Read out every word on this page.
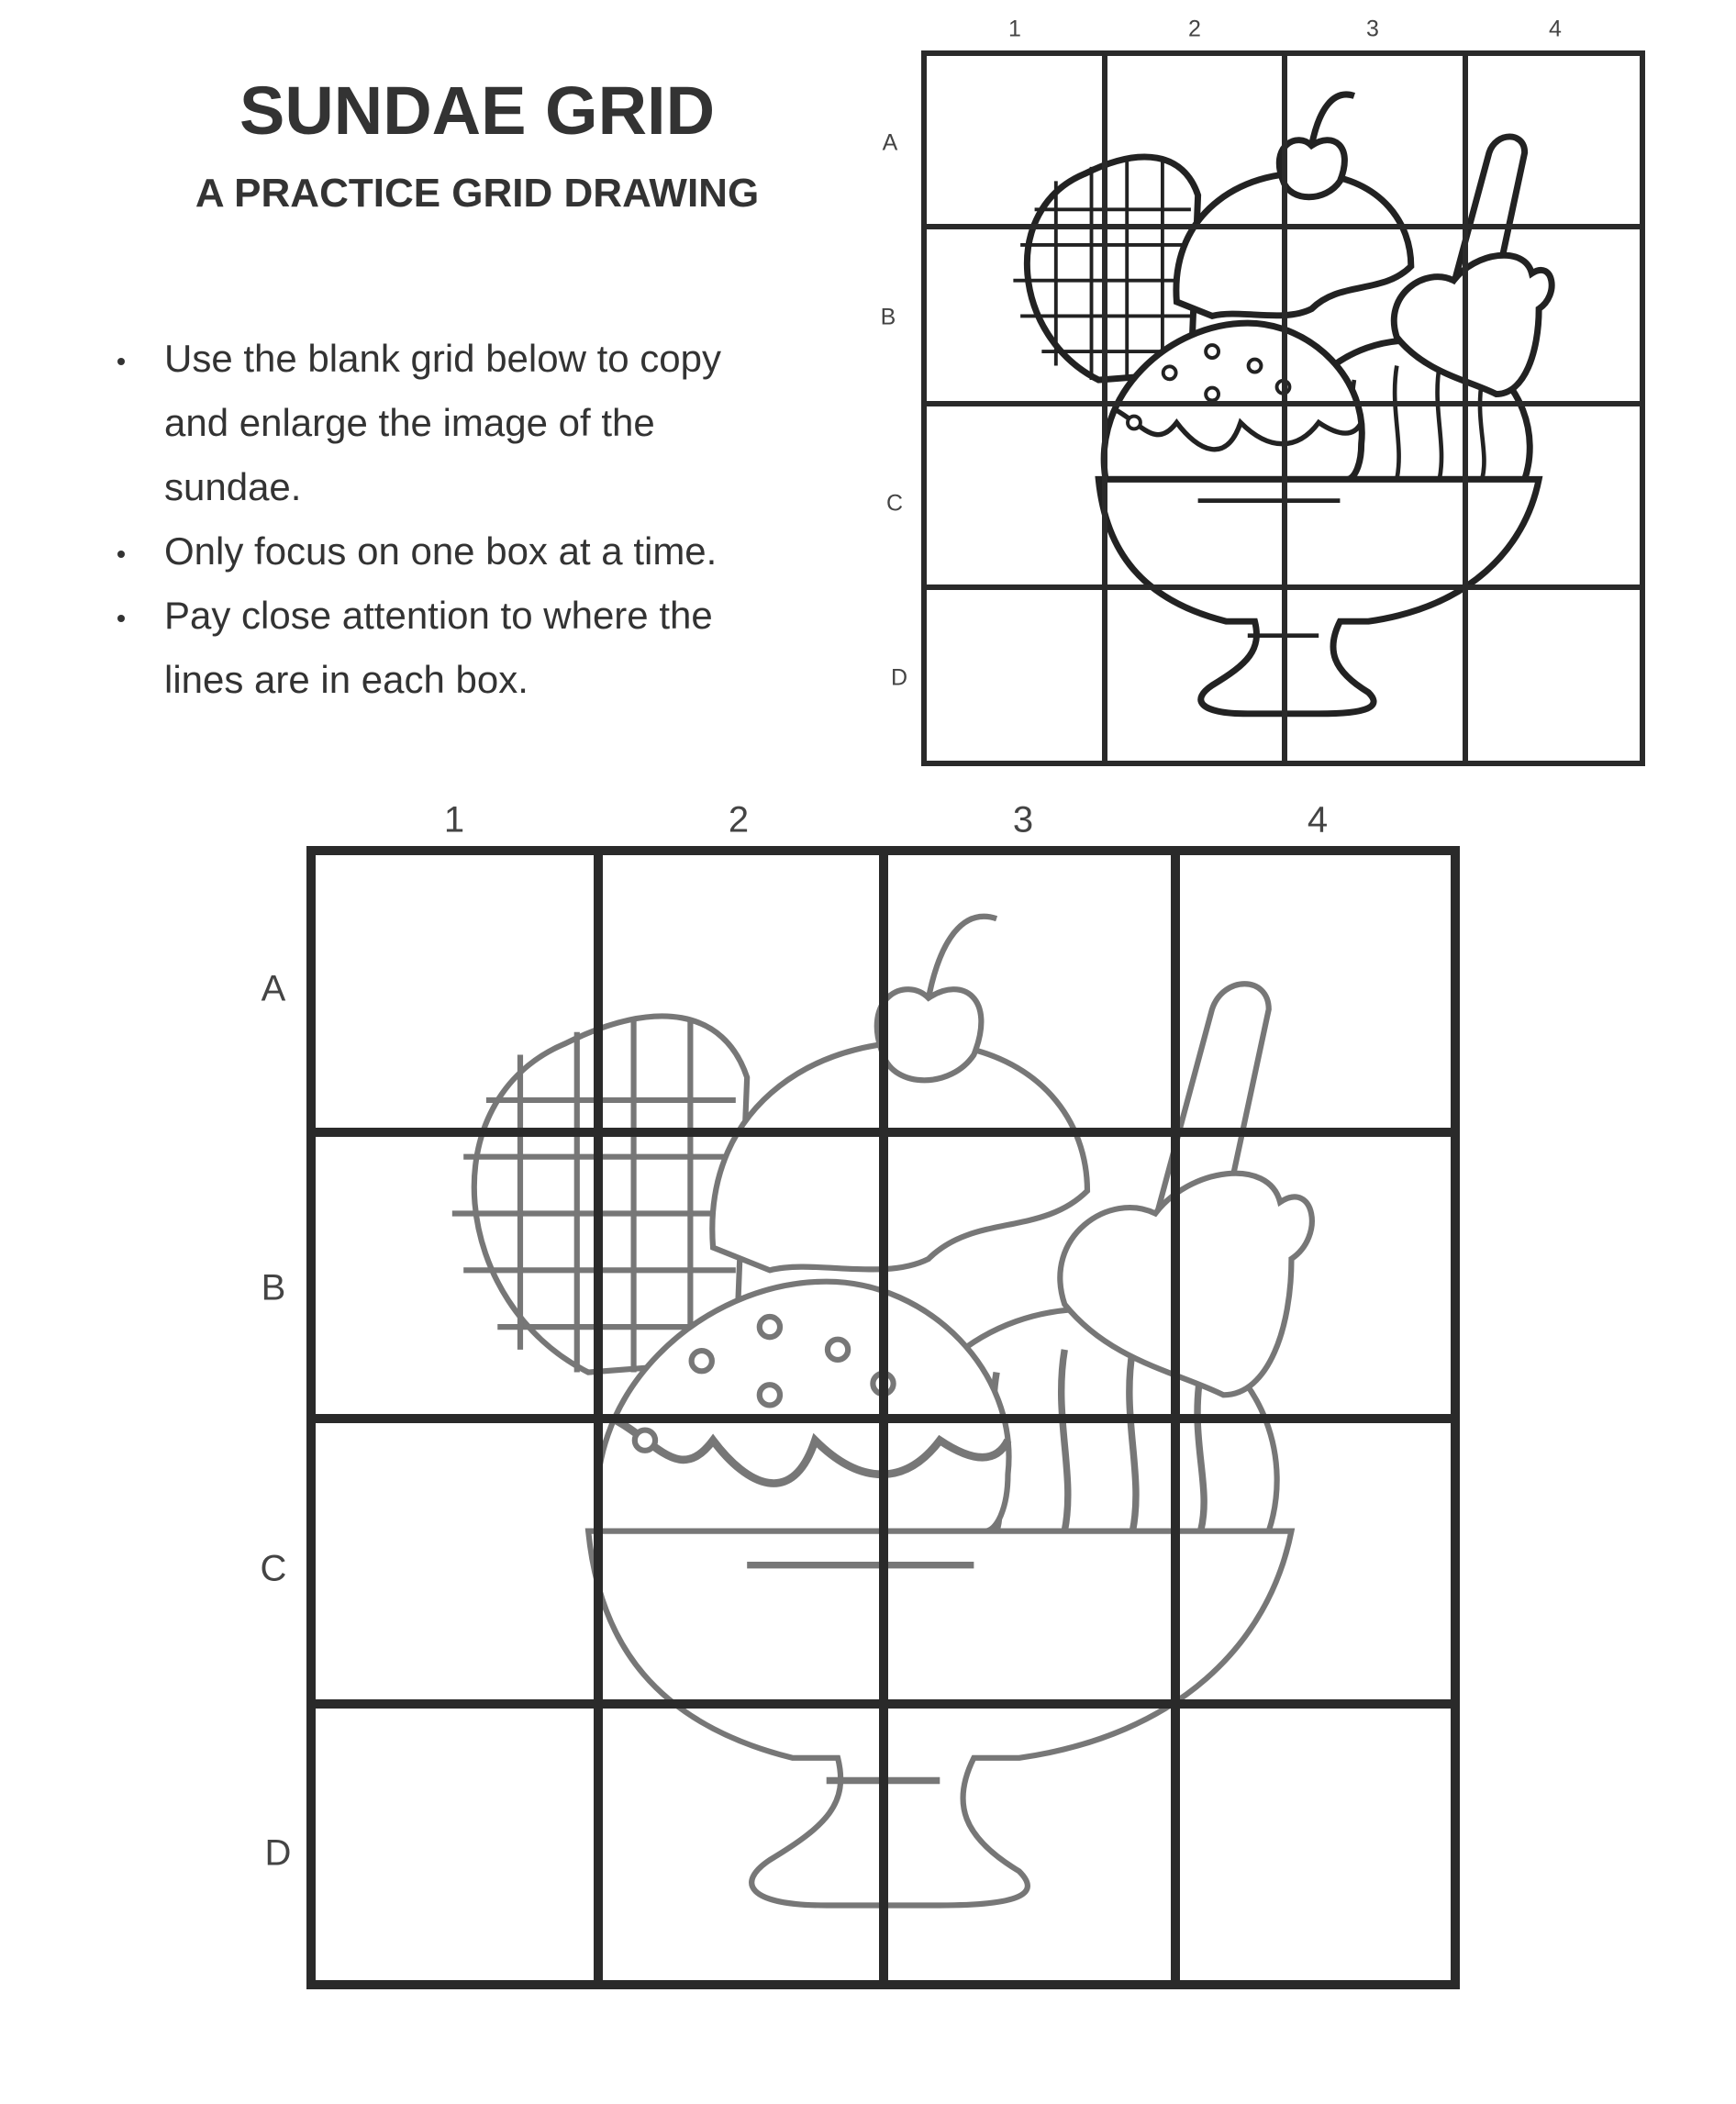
SUNDAE GRID
A PRACTICE GRID DRAWING
Use the blank grid below to copy and enlarge the image of the sundae.
Only focus on one box at a time.
Pay close attention to where the lines are in each box.
1	2	3	4
A
B
C
D
1	2	3	4
A
B
C
D
